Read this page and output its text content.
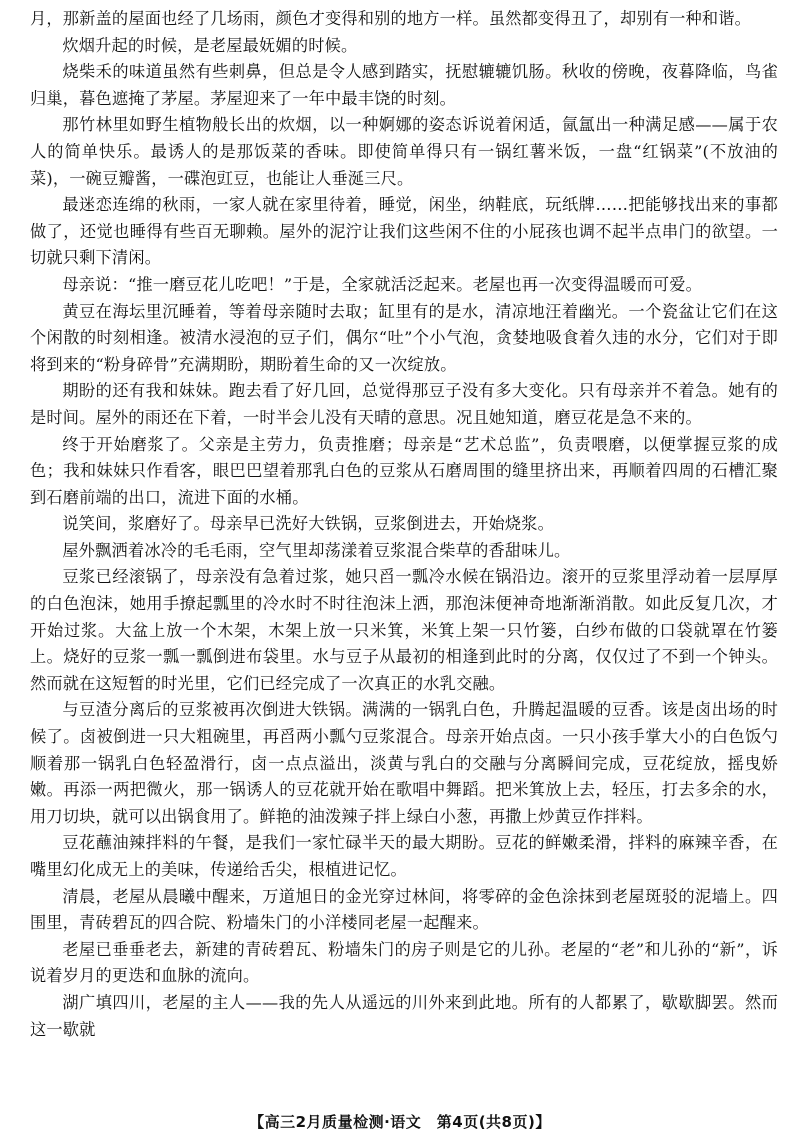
月，那新盖的屋面也经了几场雨，颜色才变得和别的地方一样。虽然都变得丑了，却别有一种和谐。

炊烟升起的时候，是老屋最妩媚的时候。

烧柴禾的味道虽然有些刺鼻，但总是令人感到踏实，抚慰辘辘饥肠。秋收的傍晚，夜暮降临，鸟雀归巢，暮色遮掩了茅屋。茅屋迎来了一年中最丰饶的时刻。

那竹林里如野生植物般长出的炊烟，以一种婀娜的姿态诉说着闲适，氤氲出一种满足感——属于农人的简单快乐。最诱人的是那饭菜的香味。即使简单得只有一锅红薯米饭，一盘“红锅菜”(不放油的菜)，一碗豆瓣酱，一碟泡豇豆，也能让人垂涎三尺。

最迷恋连绵的秋雨，一家人就在家里待着，睡觉，闲坐，纳鞋底，玩纸牌……把能够找出来的事都做了，还觉也睡得有些百无聊赖。屋外的泥泞让我们这些闲不住的小屁孩也调不起半点串门的欲望。一切就只剩下清闲。

母亲说：“推一磨豆花儿吃吧！”于是，全家就活泛起来。老屋也再一次变得温暖而可爱。

黄豆在海坛里沉睡着，等着母亲随时去取；缸里有的是水，清凉地汪着幽光。一个瓷盆让它们在这个闲散的时刻相逢。被清水浸泡的豆子们，偶尔“吐”个小气泡，贪婪地吸食着久违的水分，它们对于即将到来的“粉身碎骨”充满期盼，期盼着生命的又一次绽放。

期盼的还有我和妹妹。跑去看了好几回，总觉得那豆子没有多大变化。只有母亲并不着急。她有的是时间。屋外的雨还在下着，一时半会儿没有天晴的意思。况且她知道，磨豆花是急不来的。

终于开始磨浆了。父亲是主劳力，负责推磨；母亲是“艺术总监”，负责喂磨，以便掌握豆浆的成色；我和妹妹只作看客，眼巴巴望着那乳白色的豆浆从石磨周围的缝里挤出来，再顺着四周的石槽汇聚到石磨前端的出口，流进下面的水桶。

说笑间，浆磨好了。母亲早已洗好大铁锅，豆浆倒进去，开始烧浆。

屋外飘洒着冰冷的毛毛雨，空气里却荡漾着豆浆混合柴草的香甜味儿。

豆浆已经滚锅了，母亲没有急着过浆，她只舀一瓢冷水候在锅沿边。滚开的豆浆里浮动着一层厚厚的白色泡沫，她用手撩起瓢里的冷水时不时往泡沫上洒，那泡沫便神奇地渐渐消散。如此反复几次，才开始过浆。大盆上放一个木架，木架上放一只米箕，米箕上架一只竹篓，白纱布做的口袋就罩在竹篓上。烧好的豆浆一瓢一瓢倒进布袋里。水与豆子从最初的相逢到此时的分离，仅仅过了不到一个钟头。然而就在这短暂的时光里，它们已经完成了一次真正的水乳交融。

与豆渣分离后的豆浆被再次倒进大铁锅。满满的一锅乳白色，升腾起温暖的豆香。该是卤出场的时候了。卤被倒进一只大粗碗里，再舀两小瓢勺豆浆混合。母亲开始点卤。一只小孩手掌大小的白色饭勺顺着那一锅乳白色轻盈滑行，卤一点点溢出，淡黄与乳白的交融与分离瞬间完成，豆花绽放，摇曳娇嫩。再添一两把微火，那一锅诱人的豆花就开始在歌唱中舞蹈。把米箕放上去，轻压，打去多余的水，用刀切块，就可以出锅食用了。鲜艳的油泼辣子拌上绿白小葱，再撒上炒黄豆作拌料。

豆花蘸油辣拌料的午餐，是我们一家忙碌半天的最大期盼。豆花的鲜嫩柔滑，拌料的麻辣辛香，在嘴里幻化成无上的美味，传递给舌尖，根植进记忆。

清晨，老屋从晨曦中醒来，万道旭日的金光穿过林间，将零碎的金色涂抹到老屋斑驳的泥墙上。四围里，青砖碧瓦的四合院、粉墙朱门的小洋楼同老屋一起醒来。

老屋已垂垂老去，新建的青砖碧瓦、粉墙朱门的房子则是它的儿孙。老屋的“老”和儿孙的“新”，诉说着岁月的更迭和血脉的流向。

湖广填四川，老屋的主人——我的先人从遥远的川外来到此地。所有的人都累了，歇歇脚罢。然而这一歇就

【高三2月质量检测·语文　第4页(共8页)】
